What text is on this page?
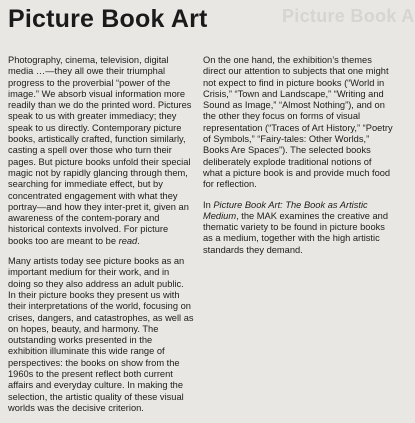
Picture Book A
Picture Book Art

Photography, cinema, television, digital media …—they all owe their triumphal progress to the proverbial “power of the image.” We absorb visual information more readily than we do the printed word. Pictures speak to us with greater immediacy; they speak to us directly. Contemporary picture books, artistically crafted, function similarly, casting a spell over those who turn their pages. But picture books unfold their special magic not by rapidly glancing through them, searching for immediate effect, but by concentrated engagement with what they portray—and how they inter-pret it, given an awareness of the contem-porary and historical contexts involved. For picture books too are meant to be read.

Many artists today see picture books as an important medium for their work, and in doing so they also address an adult public. In their picture books they present us with their interpretations of the world, focusing on crises, dangers, and catastrophes, as well as on hopes, beauty, and harmony. The outstanding works presented in the exhibition illuminate this wide range of perspectives: the books on show from the 1960s to the present reflect both current affairs and everyday culture. In making the selection, the artistic quality of these visual worlds was the decisive criterion.

On the one hand, the exhibition’s themes direct our attention to subjects that one might not expect to find in picture books (“World in Crisis,” “Town and Landscape,” “Writing and Sound as Image,” “Almost Nothing”), and on the other they focus on forms of visual representation (“Traces of Art History,” “Poetry of Symbols,” “Fairy-tales: Other Worlds,” Books Are Spaces”). The selected books deliberately explode traditional notions of what a picture book is and provide much food for reflection.

In Picture Book Art: The Book as Artistic Medium, the MAK examines the creative and thematic variety to be found in picture books as a medium, together with the high artistic standards they demand.
